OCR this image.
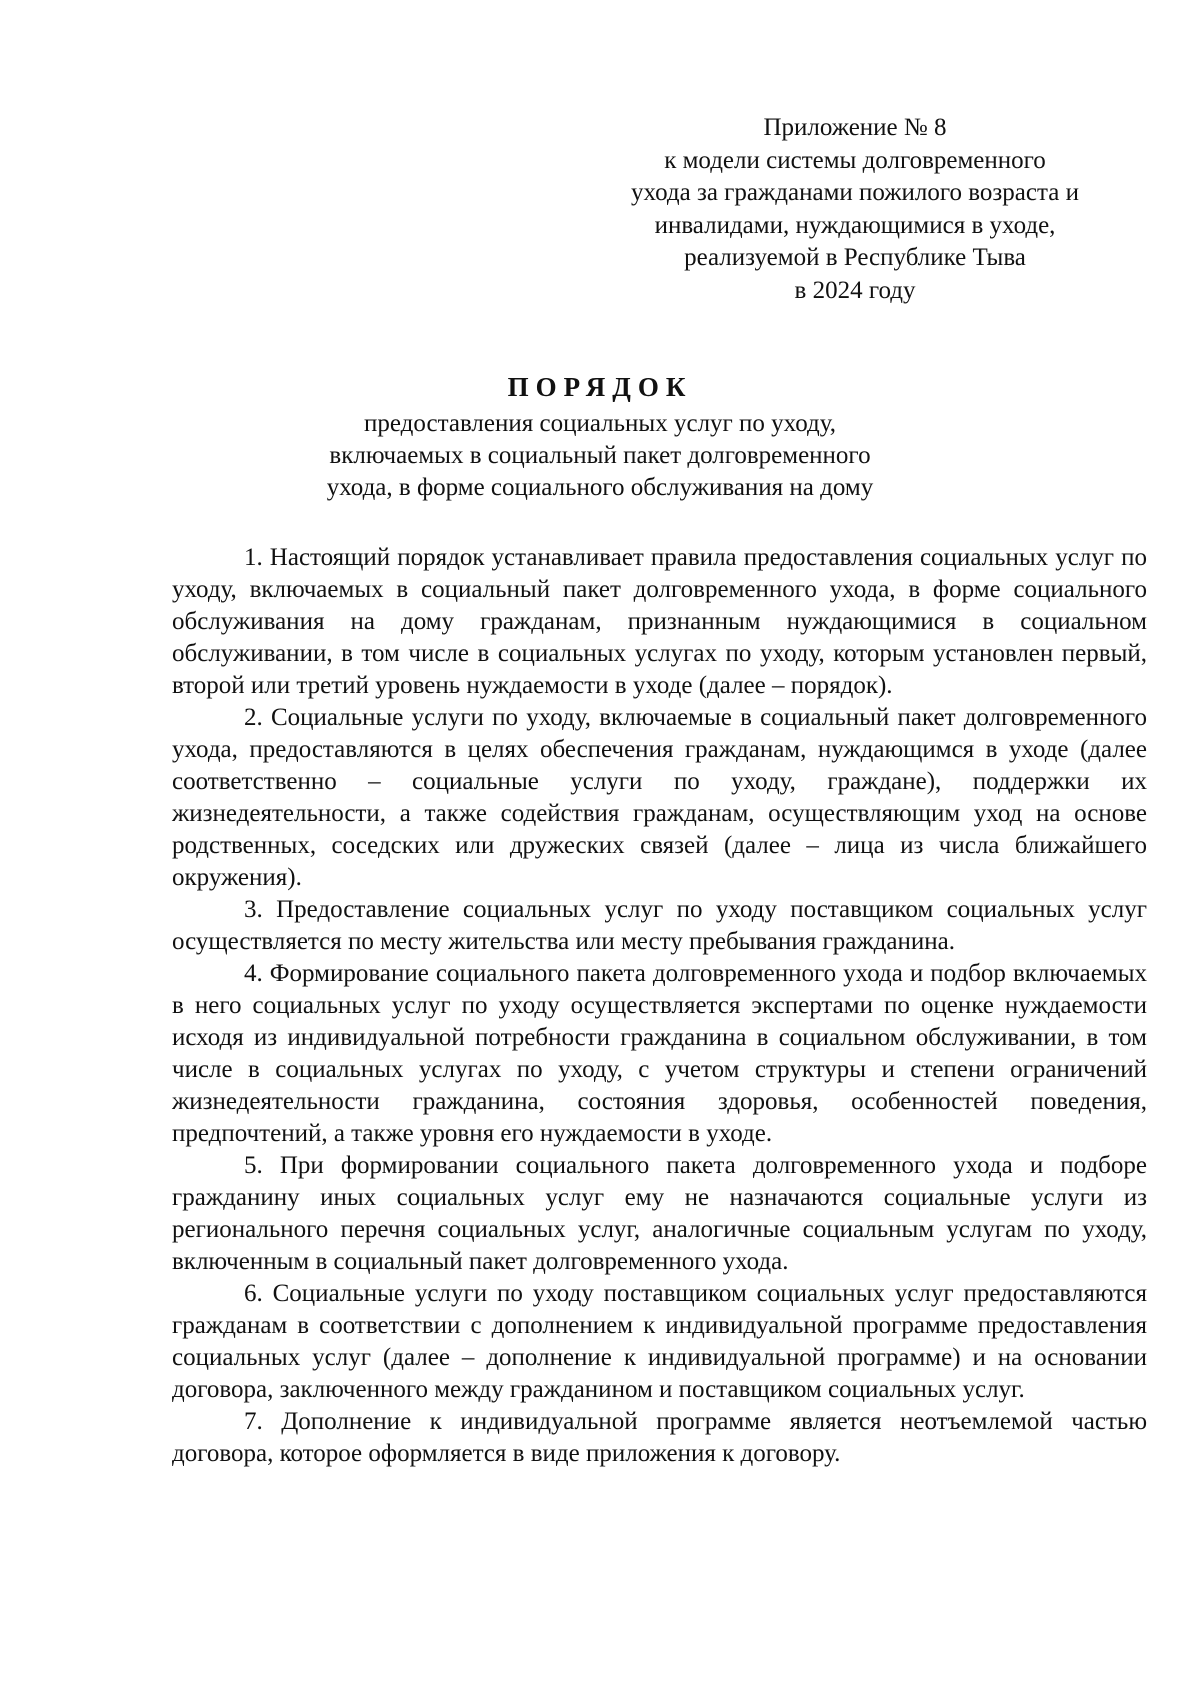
Приложение № 8
к модели системы долговременного
ухода за гражданами пожилого возраста и
инвалидами, нуждающимися в уходе,
реализуемой в Республике Тыва
в 2024 году
ПОРЯДОК
предоставления социальных услуг по уходу,
включаемых в социальный пакет долговременного
ухода, в форме социального обслуживания на дому

1. Настоящий порядок устанавливает правила предоставления социальных услуг по уходу, включаемых в социальный пакет долговременного ухода, в форме социального обслуживания на дому гражданам, признанным нуждающимися в социальном обслуживании, в том числе в социальных услугах по уходу, которым установлен первый, второй или третий уровень нуждаемости в уходе (далее – порядок).

2. Социальные услуги по уходу, включаемые в социальный пакет долговременного ухода, предоставляются в целях обеспечения гражданам, нуждающимся в уходе (далее соответственно – социальные услуги по уходу, граждане), поддержки их жизнедеятельности, а также содействия гражданам, осуществляющим уход на основе родственных, соседских или дружеских связей (далее – лица из числа ближайшего окружения).

3. Предоставление социальных услуг по уходу поставщиком социальных услуг осуществляется по месту жительства или месту пребывания гражданина.

4. Формирование социального пакета долговременного ухода и подбор включаемых в него социальных услуг по уходу осуществляется экспертами по оценке нуждаемости исходя из индивидуальной потребности гражданина в социальном обслуживании, в том числе в социальных услугах по уходу, с учетом структуры и степени ограничений жизнедеятельности гражданина, состояния здоровья, особенностей поведения, предпочтений, а также уровня его нуждаемости в уходе.

5. При формировании социального пакета долговременного ухода и подборе гражданину иных социальных услуг ему не назначаются социальные услуги из регионального перечня социальных услуг, аналогичные социальным услугам по уходу, включенным в социальный пакет долговременного ухода.

6. Социальные услуги по уходу поставщиком социальных услуг предоставляются гражданам в соответствии с дополнением к индивидуальной программе предоставления социальных услуг (далее – дополнение к индивидуальной программе) и на основании договора, заключенного между гражданином и поставщиком социальных услуг.

7. Дополнение к индивидуальной программе является неотъемлемой частью договора, которое оформляется в виде приложения к договору.
